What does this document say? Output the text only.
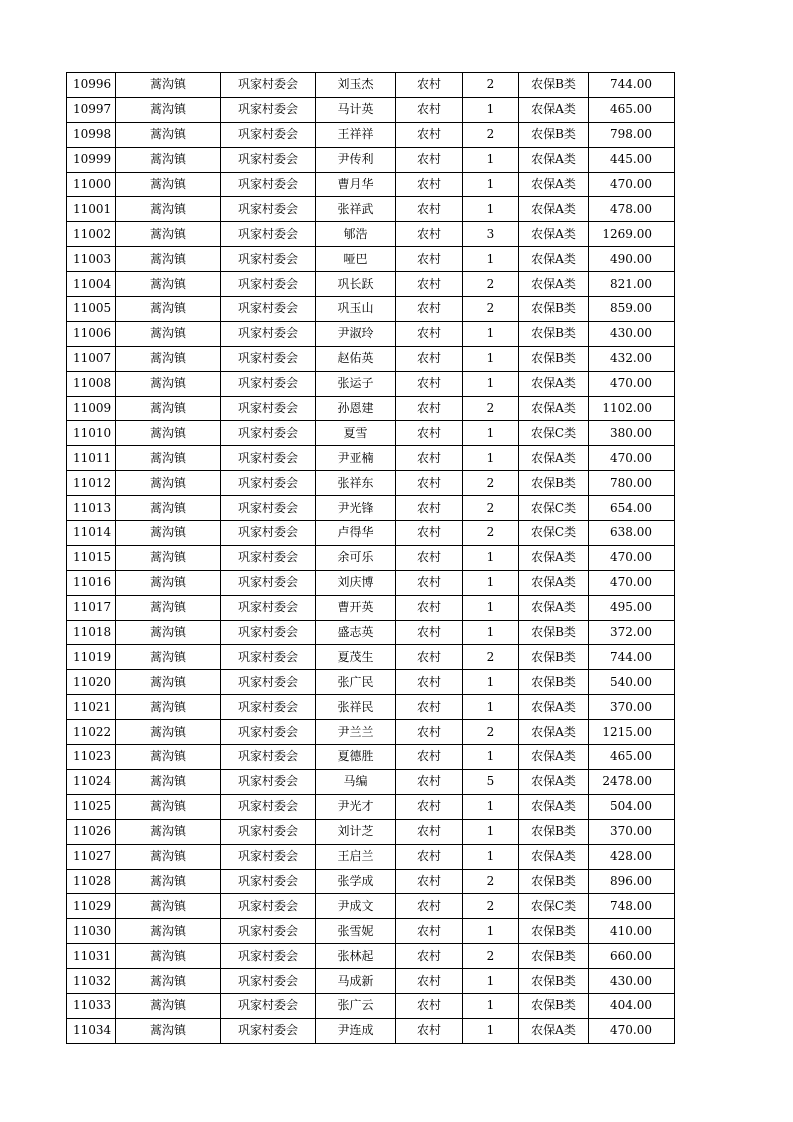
10996	蒿沟镇	巩家村委会	刘玉杰	农村	2	农保B类	744.00
10997	蒿沟镇	巩家村委会	马计英	农村	1	农保A类	465.00
10998	蒿沟镇	巩家村委会	王祥祥	农村	2	农保B类	798.00
10999	蒿沟镇	巩家村委会	尹传利	农村	1	农保A类	445.00
11000	蒿沟镇	巩家村委会	曹月华	农村	1	农保A类	470.00
11001	蒿沟镇	巩家村委会	张祥武	农村	1	农保A类	478.00
11002	蒿沟镇	巩家村委会	郇浩	农村	3	农保A类	1269.00
11003	蒿沟镇	巩家村委会	哑巴	农村	1	农保A类	490.00
11004	蒿沟镇	巩家村委会	巩长跃	农村	2	农保A类	821.00
11005	蒿沟镇	巩家村委会	巩玉山	农村	2	农保B类	859.00
11006	蒿沟镇	巩家村委会	尹淑玲	农村	1	农保B类	430.00
11007	蒿沟镇	巩家村委会	赵佑英	农村	1	农保B类	432.00
11008	蒿沟镇	巩家村委会	张运子	农村	1	农保A类	470.00
11009	蒿沟镇	巩家村委会	孙恩建	农村	2	农保A类	1102.00
11010	蒿沟镇	巩家村委会	夏雪	农村	1	农保C类	380.00
11011	蒿沟镇	巩家村委会	尹亚楠	农村	1	农保A类	470.00
11012	蒿沟镇	巩家村委会	张祥东	农村	2	农保B类	780.00
11013	蒿沟镇	巩家村委会	尹光锋	农村	2	农保C类	654.00
11014	蒿沟镇	巩家村委会	卢得华	农村	2	农保C类	638.00
11015	蒿沟镇	巩家村委会	余可乐	农村	1	农保A类	470.00
11016	蒿沟镇	巩家村委会	刘庆博	农村	1	农保A类	470.00
11017	蒿沟镇	巩家村委会	曹开英	农村	1	农保A类	495.00
11018	蒿沟镇	巩家村委会	盛志英	农村	1	农保B类	372.00
11019	蒿沟镇	巩家村委会	夏茂生	农村	2	农保B类	744.00
11020	蒿沟镇	巩家村委会	张广民	农村	1	农保B类	540.00
11021	蒿沟镇	巩家村委会	张祥民	农村	1	农保A类	370.00
11022	蒿沟镇	巩家村委会	尹兰兰	农村	2	农保A类	1215.00
11023	蒿沟镇	巩家村委会	夏德胜	农村	1	农保A类	465.00
11024	蒿沟镇	巩家村委会	马编	农村	5	农保A类	2478.00
11025	蒿沟镇	巩家村委会	尹光才	农村	1	农保A类	504.00
11026	蒿沟镇	巩家村委会	刘计芝	农村	1	农保B类	370.00
11027	蒿沟镇	巩家村委会	王启兰	农村	1	农保A类	428.00
11028	蒿沟镇	巩家村委会	张学成	农村	2	农保B类	896.00
11029	蒿沟镇	巩家村委会	尹成文	农村	2	农保C类	748.00
11030	蒿沟镇	巩家村委会	张雪妮	农村	1	农保B类	410.00
11031	蒿沟镇	巩家村委会	张林起	农村	2	农保B类	660.00
11032	蒿沟镇	巩家村委会	马成新	农村	1	农保B类	430.00
11033	蒿沟镇	巩家村委会	张广云	农村	1	农保B类	404.00
11034	蒿沟镇	巩家村委会	尹连成	农村	1	农保A类	470.00
